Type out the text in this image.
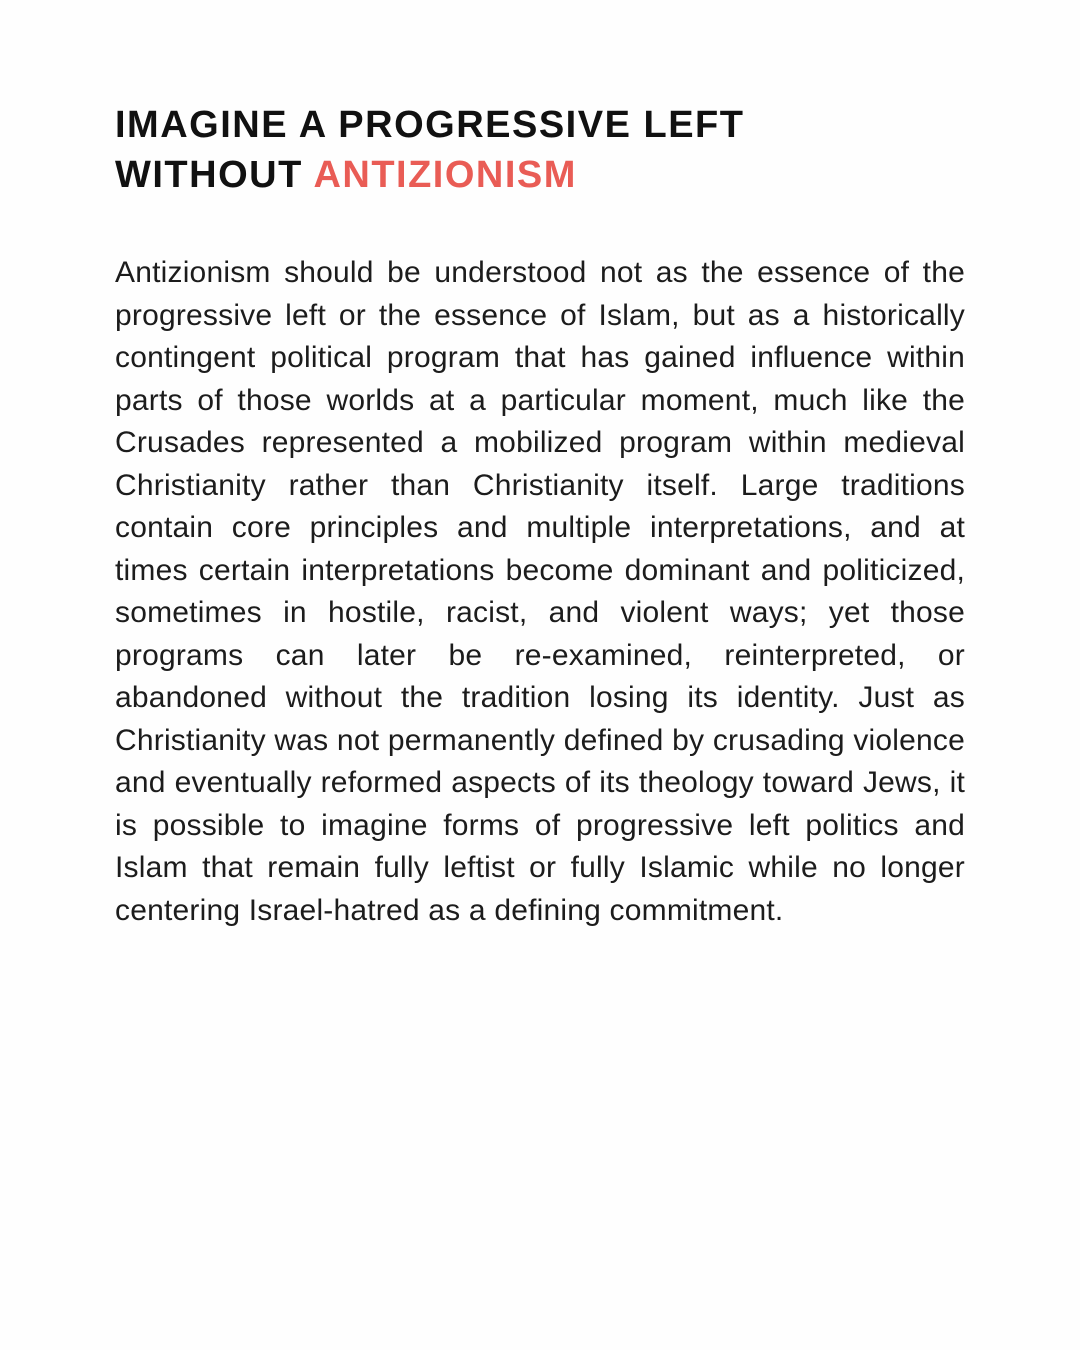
IMAGINE A PROGRESSIVE LEFT
WITHOUT ANTIZIONISM

Antizionism should be understood not as the essence of the progressive left or the essence of Islam, but as a historically contingent political program that has gained influence within parts of those worlds at a particular moment, much like the Crusades represented a mobilized program within medieval Christianity rather than Christianity itself. Large traditions contain core principles and multiple interpretations, and at times certain interpretations become dominant and politicized, sometimes in hostile, racist, and violent ways; yet those programs can later be re-examined, reinterpreted, or abandoned without the tradition losing its identity. Just as Christianity was not permanently defined by crusading violence and eventually reformed aspects of its theology toward Jews, it is possible to imagine forms of progressive left politics and Islam that remain fully leftist or fully Islamic while no longer centering Israel-hatred as a defining commitment.
